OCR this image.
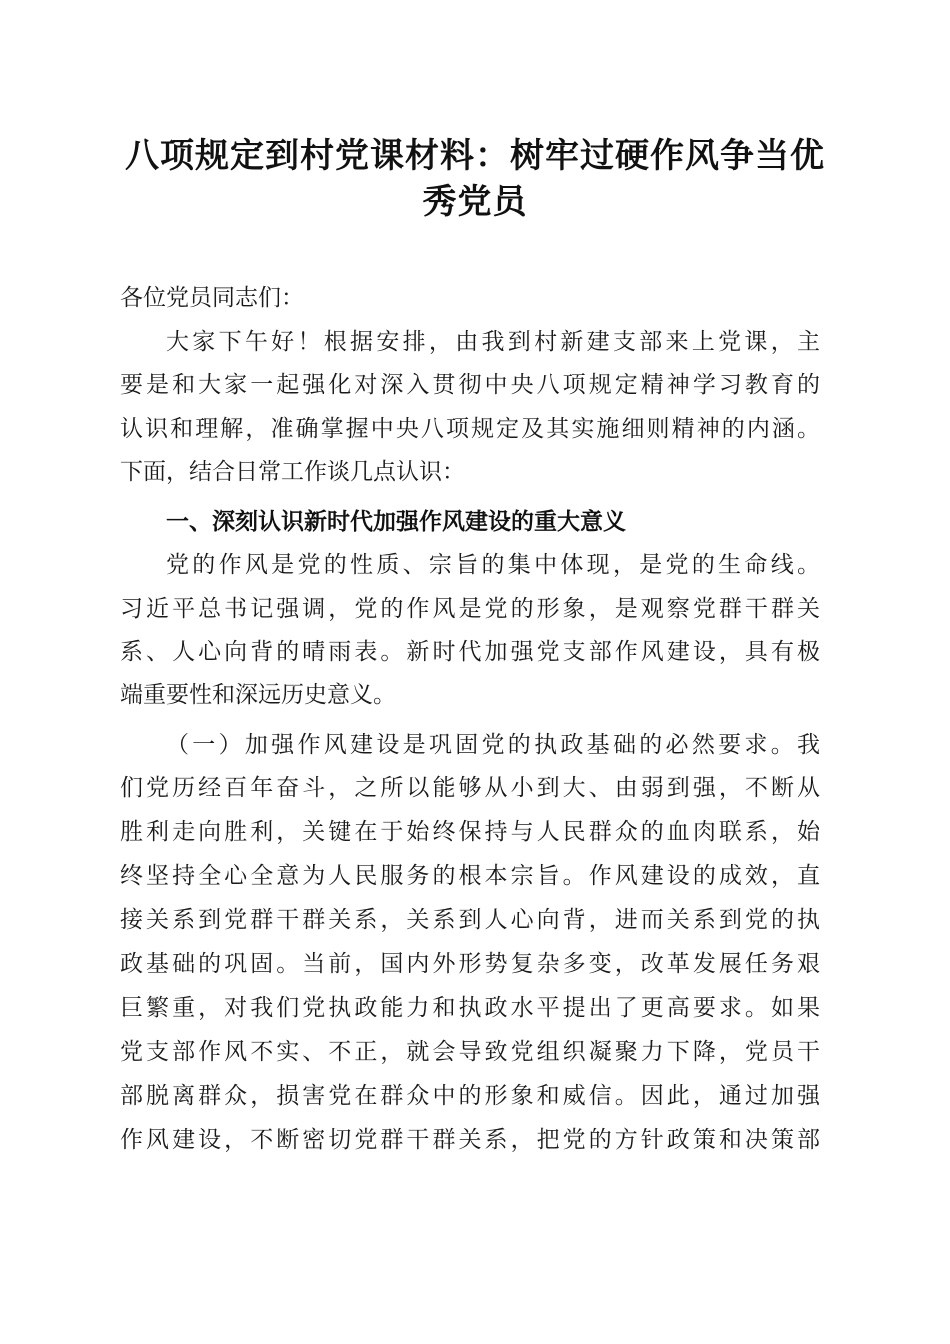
八项规定到村党课材料：树牢过硬作风争当优
秀党员

各位党员同志们：

大家下午好！根据安排，由我到村新建支部来上党课，主

要是和大家一起强化对深入贯彻中央八项规定精神学习教育的

认识和理解，准确掌握中央八项规定及其实施细则精神的内涵。

下面，结合日常工作谈几点认识：

一、深刻认识新时代加强作风建设的重大意义

党的作风是党的性质、宗旨的集中体现，是党的生命线。

习近平总书记强调，党的作风是党的形象，是观察党群干群关

系、人心向背的晴雨表。新时代加强党支部作风建设，具有极

端重要性和深远历史意义。

（一）加强作风建设是巩固党的执政基础的必然要求。我

们党历经百年奋斗，之所以能够从小到大、由弱到强，不断从

胜利走向胜利，关键在于始终保持与人民群众的血肉联系，始

终坚持全心全意为人民服务的根本宗旨。作风建设的成效，直

接关系到党群干群关系，关系到人心向背，进而关系到党的执

政基础的巩固。当前，国内外形势复杂多变，改革发展任务艰

巨繁重，对我们党执政能力和执政水平提出了更高要求。如果

党支部作风不实、不正，就会导致党组织凝聚力下降，党员干

部脱离群众，损害党在群众中的形象和威信。因此，通过加强

作风建设，不断密切党群干群关系，把党的方针政策和决策部
